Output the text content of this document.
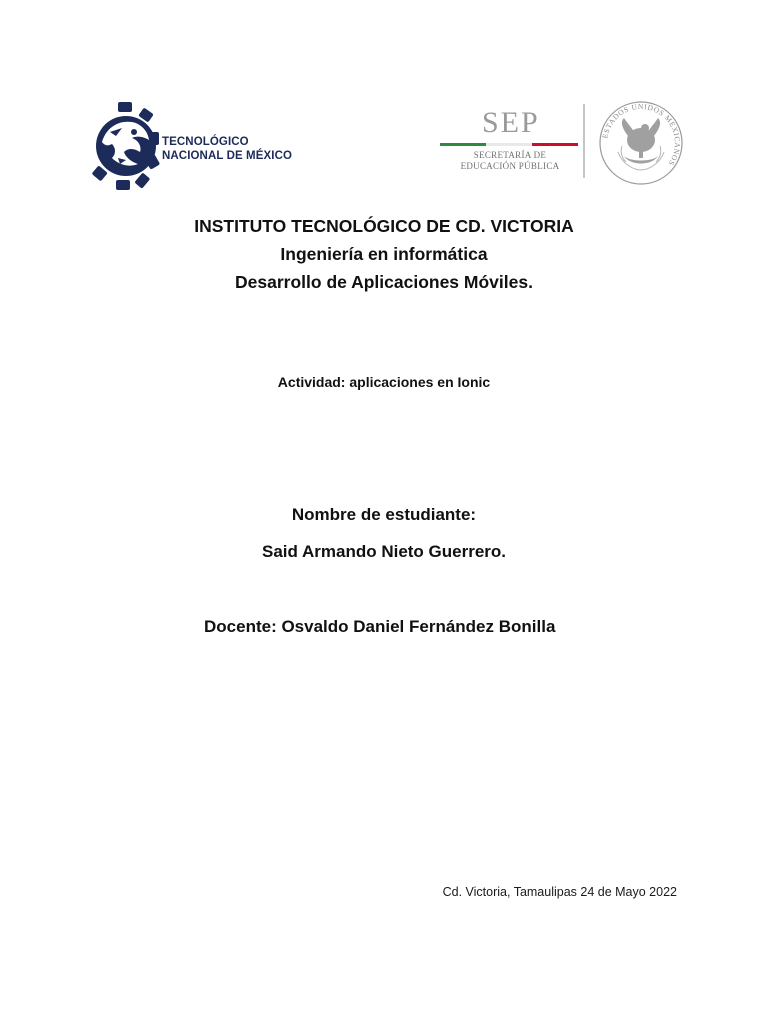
TECNOLÓGICO
NACIONAL DE MÉXICO
SEP
SECRETARÍA DE
EDUCACIÓN PÚBLICA
ESTADOS UNIDOS MEXICANOS
INSTITUTO TECNOLÓGICO DE CD. VICTORIA
Ingeniería en informática
Desarrollo de Aplicaciones Móviles.
Actividad: aplicaciones en Ionic
Nombre de estudiante:
Said Armando Nieto Guerrero.
Docente: Osvaldo Daniel Fernández Bonilla
Cd. Victoria, Tamaulipas 24 de Mayo 2022
